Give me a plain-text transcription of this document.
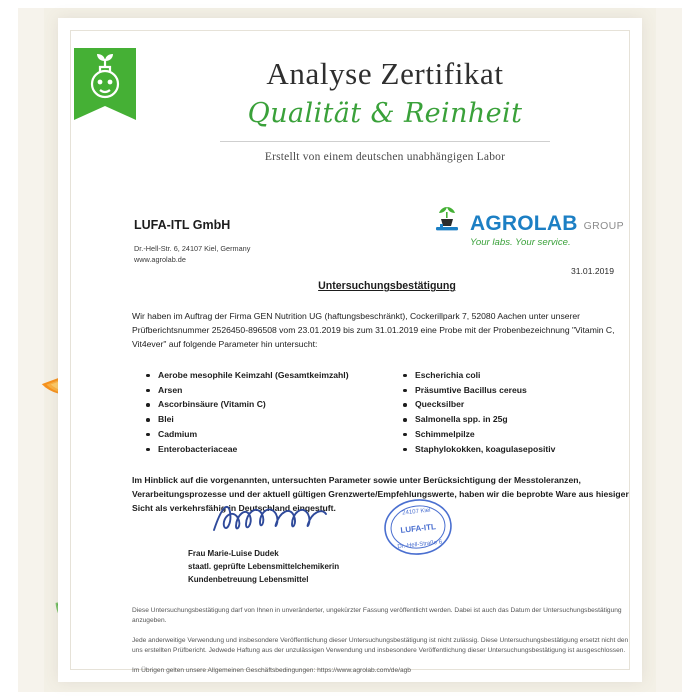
Analyse Zertifikat
Qualität & Reinheit
Erstellt von einem deutschen unabhängigen Labor
LUFA-ITL GmbH
Dr.-Hell-Str. 6, 24107 Kiel, Germany
www.agrolab.de
AGROLAB GROUP
Your labs. Your service.
31.01.2019
Untersuchungsbestätigung

Wir haben im Auftrag der Firma GEN Nutrition UG (haftungsbeschränkt), Cockerillpark 7, 52080 Aachen unter unserer Prüfberichtsnummer 2526450-896508 vom 23.01.2019 bis zum 31.01.2019 eine Probe mit der Probenbezeichnung "Vitamin C, Vit4ever" auf folgende Parameter hin untersucht:

Aerobe mesophile Keimzahl (Gesamtkeimzahl)
Arsen
Ascorbinsäure (Vitamin C)
Blei
Cadmium
Enterobacteriaceae
Escherichia coli
Präsumtive Bacillus cereus
Quecksilber
Salmonella spp. in 25g
Schimmelpilze
Staphylokokken, koagulasepositiv

Im Hinblick auf die vorgenannten, untersuchten Parameter sowie unter Berücksichtigung der Messtoleranzen, Verarbeitungsprozesse und der aktuell gültigen Grenzwerte/Empfehlungswerte, haben wir die beprobte Ware aus hiesiger Sicht als verkehrsfähig in Deutschland eingestuft.	24107 Kiel
LUFA-ITL
Dr.-Hell-Straße 6
Frau Marie-Luise Dudek
staatl. geprüfte Lebensmittelchemikerin
Kundenbetreuung Lebensmittel

Diese Untersuchungsbestätigung darf von Ihnen in unveränderter, ungekürzter Fassung veröffentlicht werden. Dabei ist auch das Datum der Untersuchungsbestätigung anzugeben.

Jede anderweitige Verwendung und insbesondere Veröffentlichung dieser Untersuchungsbestätigung ist nicht zulässig. Diese Untersuchungsbestätigung ersetzt nicht den uns erstellten Prüfbericht. Jedwede Haftung aus der unzulässigen Verwendung und insbesondere Veröffentlichung dieser Untersuchungsbestätigung ist ausgeschlossen.

Im Übrigen gelten unsere Allgemeinen Geschäftsbedingungen: https://www.agrolab.com/de/agb
